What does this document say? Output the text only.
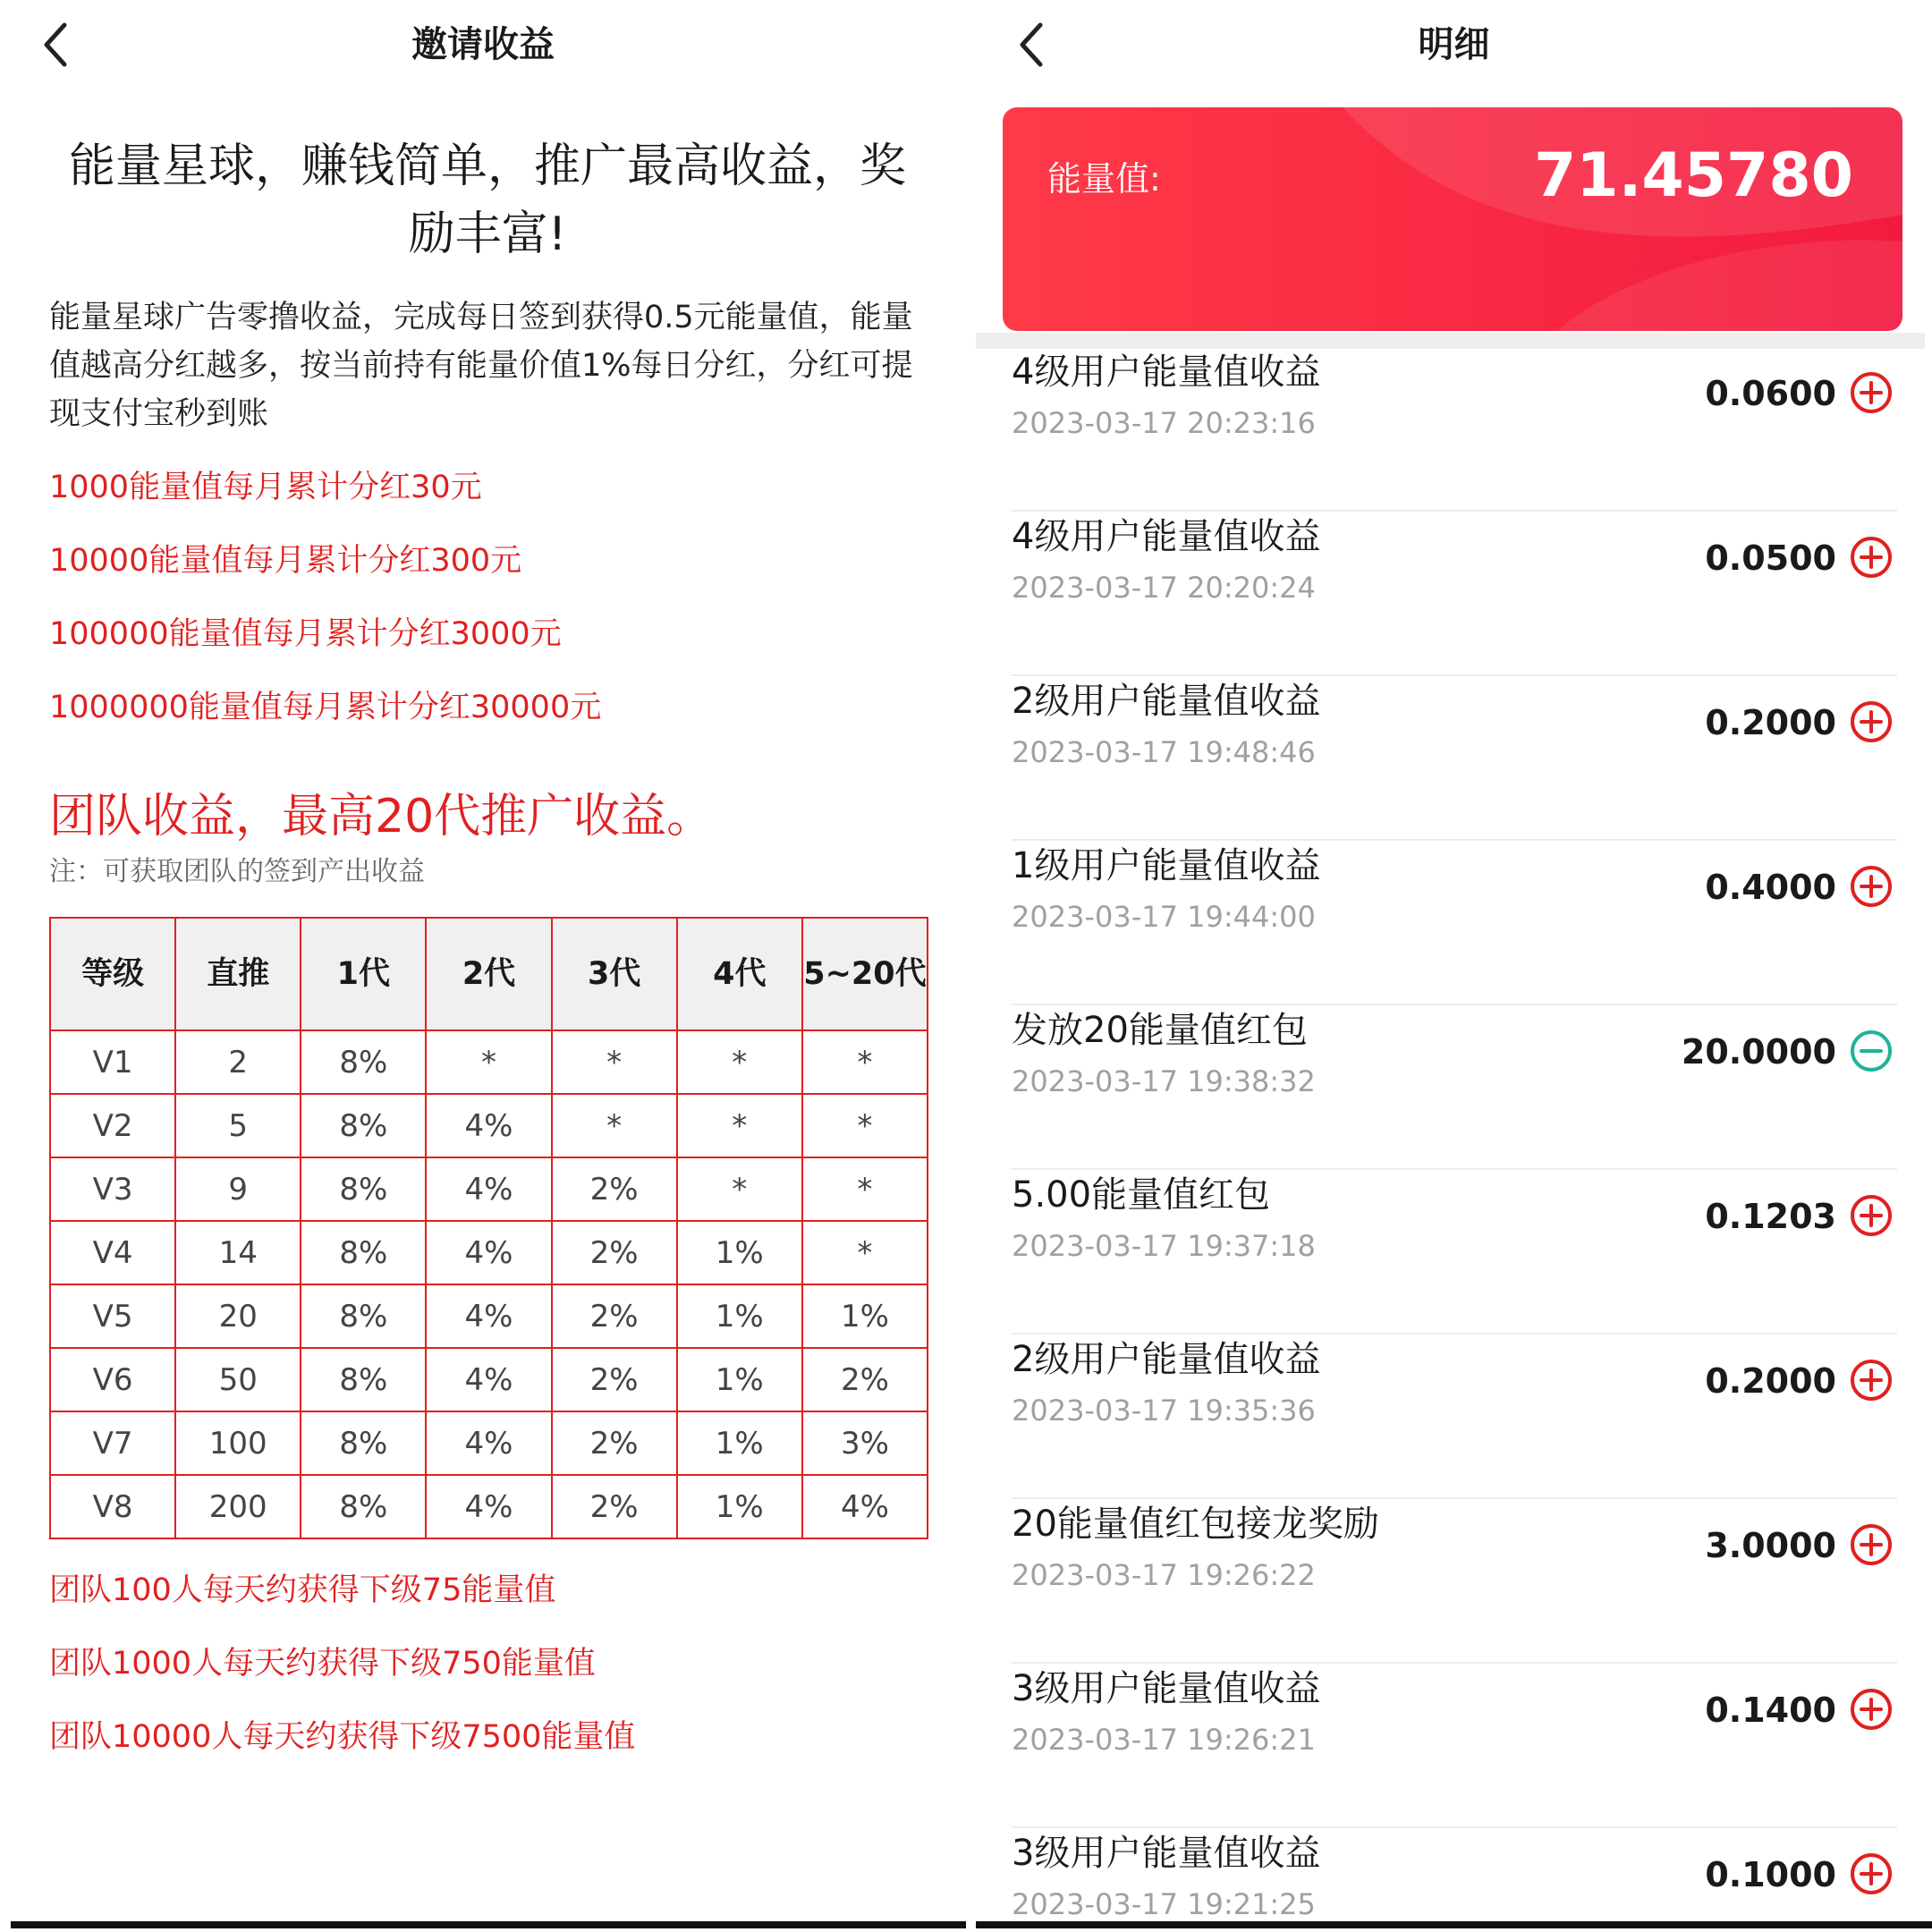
邀请收益
能量星球，赚钱简单，推广最高收益，奖励丰富!
能量星球广告零撸收益，完成每日签到获得0.5元能量值，能量值越高分红越多，按当前持有能量价值1%每日分红，分红可提现支付宝秒到账
1000能量值每月累计分红30元
10000能量值每月累计分红300元
100000能量值每月累计分红3000元
1000000能量值每月累计分红30000元
团队收益，最高20代推广收益。
注：可获取团队的签到产出收益
等级	直推	1代	2代	3代	4代	5~20代
V1	2	8%	*	*	*	*
V2	5	8%	4%	*	*	*
V3	9	8%	4%	2%	*	*
V4	14	8%	4%	2%	1%	*
V5	20	8%	4%	2%	1%	1%
V6	50	8%	4%	2%	1%	2%
V7	100	8%	4%	2%	1%	3%
V8	200	8%	4%	2%	1%	4%
团队100人每天约获得下级75能量值
团队1000人每天约获得下级750能量值
团队10000人每天约获得下级7500能量值
明细
能量值:	71.45780
4级用户能量值收益
2023-03-17 20:23:16
0.0600
4级用户能量值收益
2023-03-17 20:20:24
0.0500
2级用户能量值收益
2023-03-17 19:48:46
0.2000
1级用户能量值收益
2023-03-17 19:44:00
0.4000
发放20能量值红包
2023-03-17 19:38:32
20.0000
5.00能量值红包
2023-03-17 19:37:18
0.1203
2级用户能量值收益
2023-03-17 19:35:36
0.2000
20能量值红包接龙奖励
2023-03-17 19:26:22
3.0000
3级用户能量值收益
2023-03-17 19:26:21
0.1400
3级用户能量值收益
2023-03-17 19:21:25
0.1000
